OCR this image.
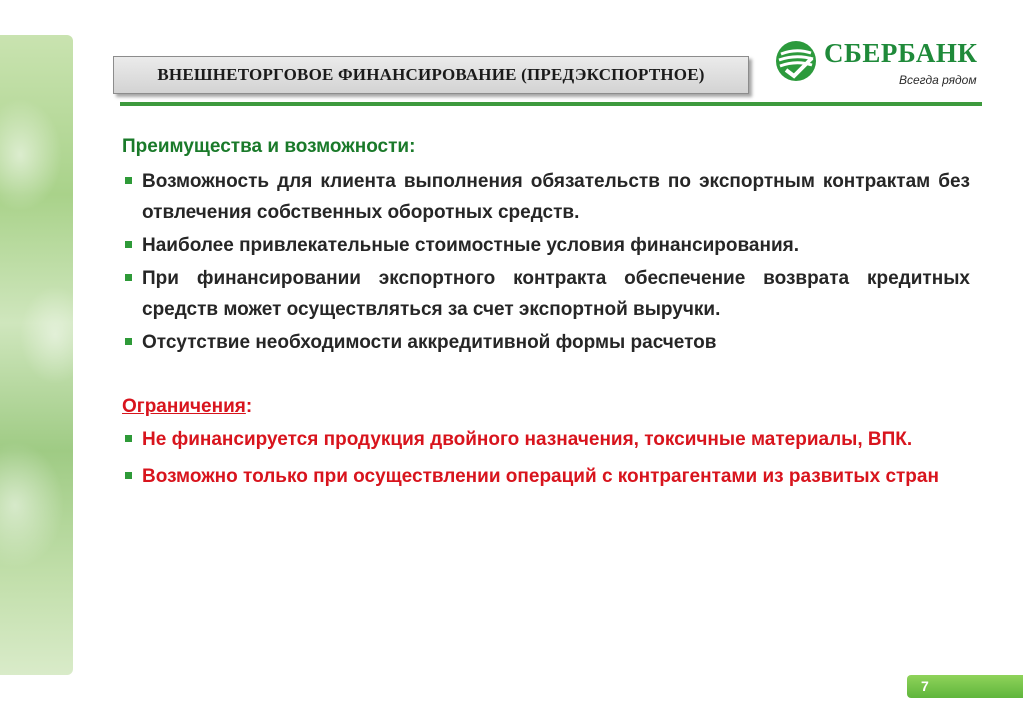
ВНЕШНЕТОРГОВОЕ ФИНАНСИРОВАНИЕ (ПРЕДЭКСПОРТНОЕ)
СБЕРБАНК
Всегда рядом

Преимущества и возможности:

Возможность для клиента выполнения обязательств по экспортным контрактам без отвлечения собственных оборотных средств.
Наиболее привлекательные стоимостные условия финансирования.
При финансировании экспортного контракта обеспечение возврата кредитных средств может осуществляться за счет экспортной выручки.
Отсутствие необходимости аккредитивной формы расчетов

Ограничения:

Не финансируется продукция двойного назначения, токсичные материалы, ВПК.
Возможно только при осуществлении операций с контрагентами из развитых стран
7
